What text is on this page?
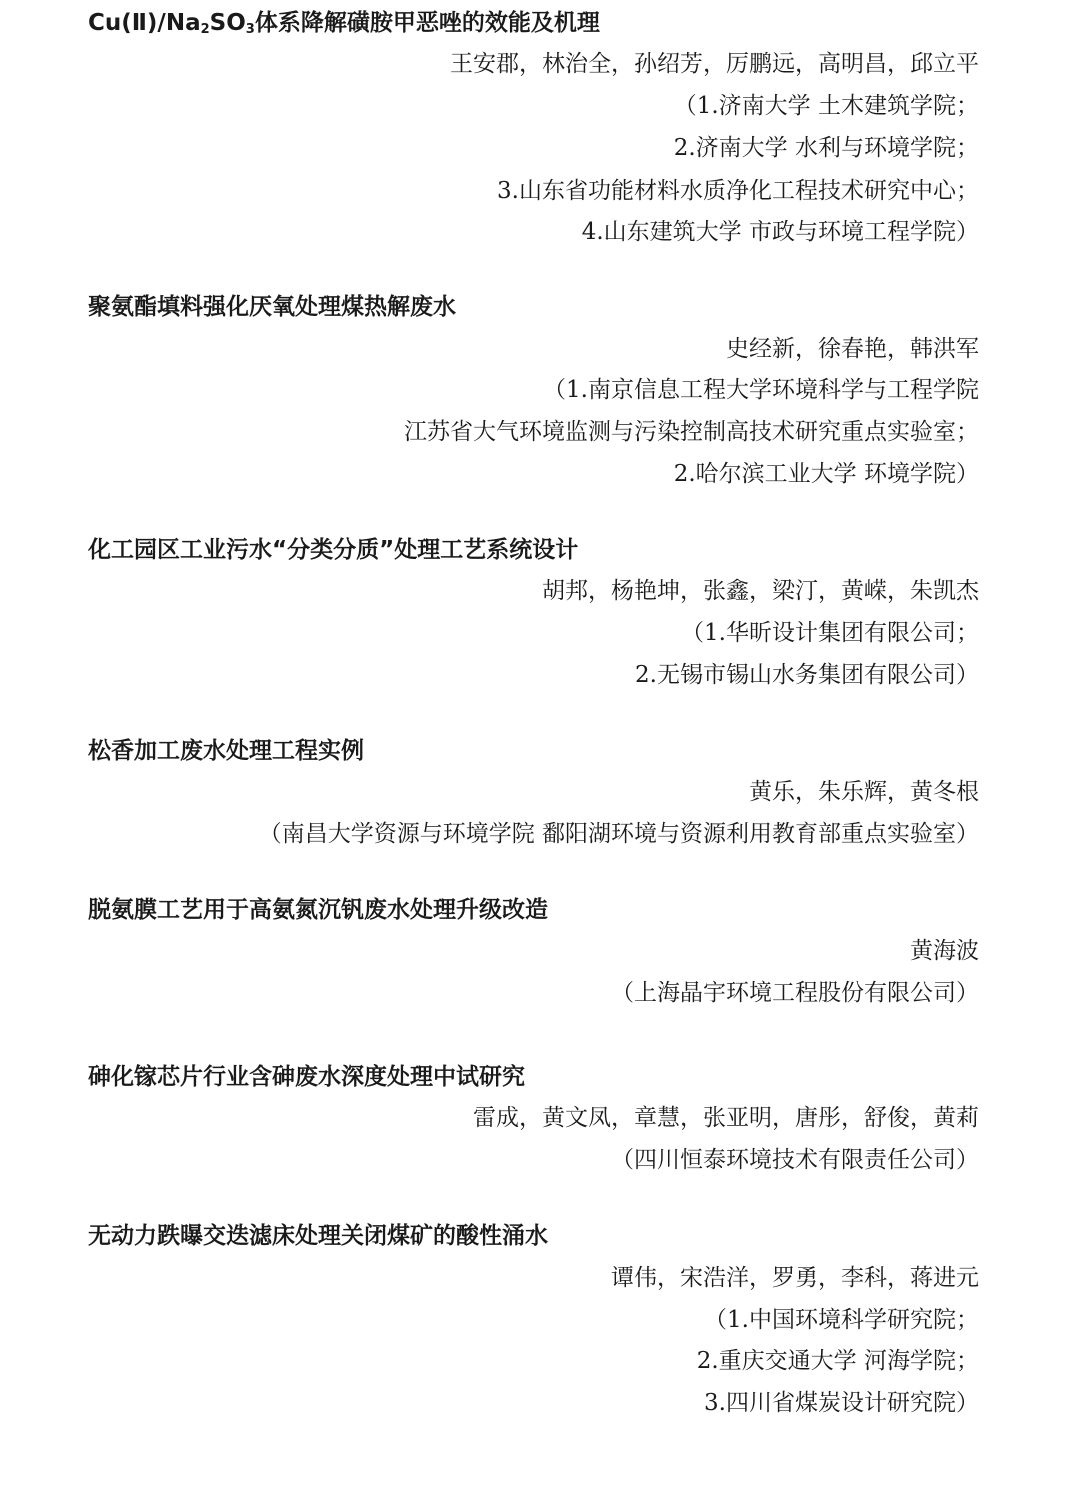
$Cu(Ⅱ)/Na_2SO_3$体系降解磺胺甲恶唑的效能及机理
王安郡，林治全，孙绍芳，厉鹏远，高明昌，邱立平
（1.济南大学 土木建筑学院；
2.济南大学 水利与环境学院；
3.山东省功能材料水质净化工程技术研究中心；
4.山东建筑大学 市政与环境工程学院）
聚氨酯填料强化厌氧处理煤热解废水
史经新，徐春艳，韩洪军
（1.南京信息工程大学环境科学与工程学院
江苏省大气环境监测与污染控制高技术研究重点实验室；
2.哈尔滨工业大学 环境学院）
化工园区工业污水“分类分质”处理工艺系统设计
胡邦，杨艳坤，张鑫，梁汀，黄嵘，朱凯杰
（1.华昕设计集团有限公司；
2.无锡市锡山水务集团有限公司）
松香加工废水处理工程实例
黄乐，朱乐辉，黄冬根
（南昌大学资源与环境学院 鄱阳湖环境与资源利用教育部重点实验室）
脱氨膜工艺用于高氨氮沉钒废水处理升级改造
黄海波
（上海晶宇环境工程股份有限公司）
砷化镓芯片行业含砷废水深度处理中试研究
雷成，黄文凤，章慧，张亚明，唐彤，舒俊，黄莉
（四川恒泰环境技术有限责任公司）
无动力跌曝交迭滤床处理关闭煤矿的酸性涌水
谭伟，宋浩洋，罗勇，李科，蒋进元
（1.中国环境科学研究院；
2.重庆交通大学 河海学院；
3.四川省煤炭设计研究院）
